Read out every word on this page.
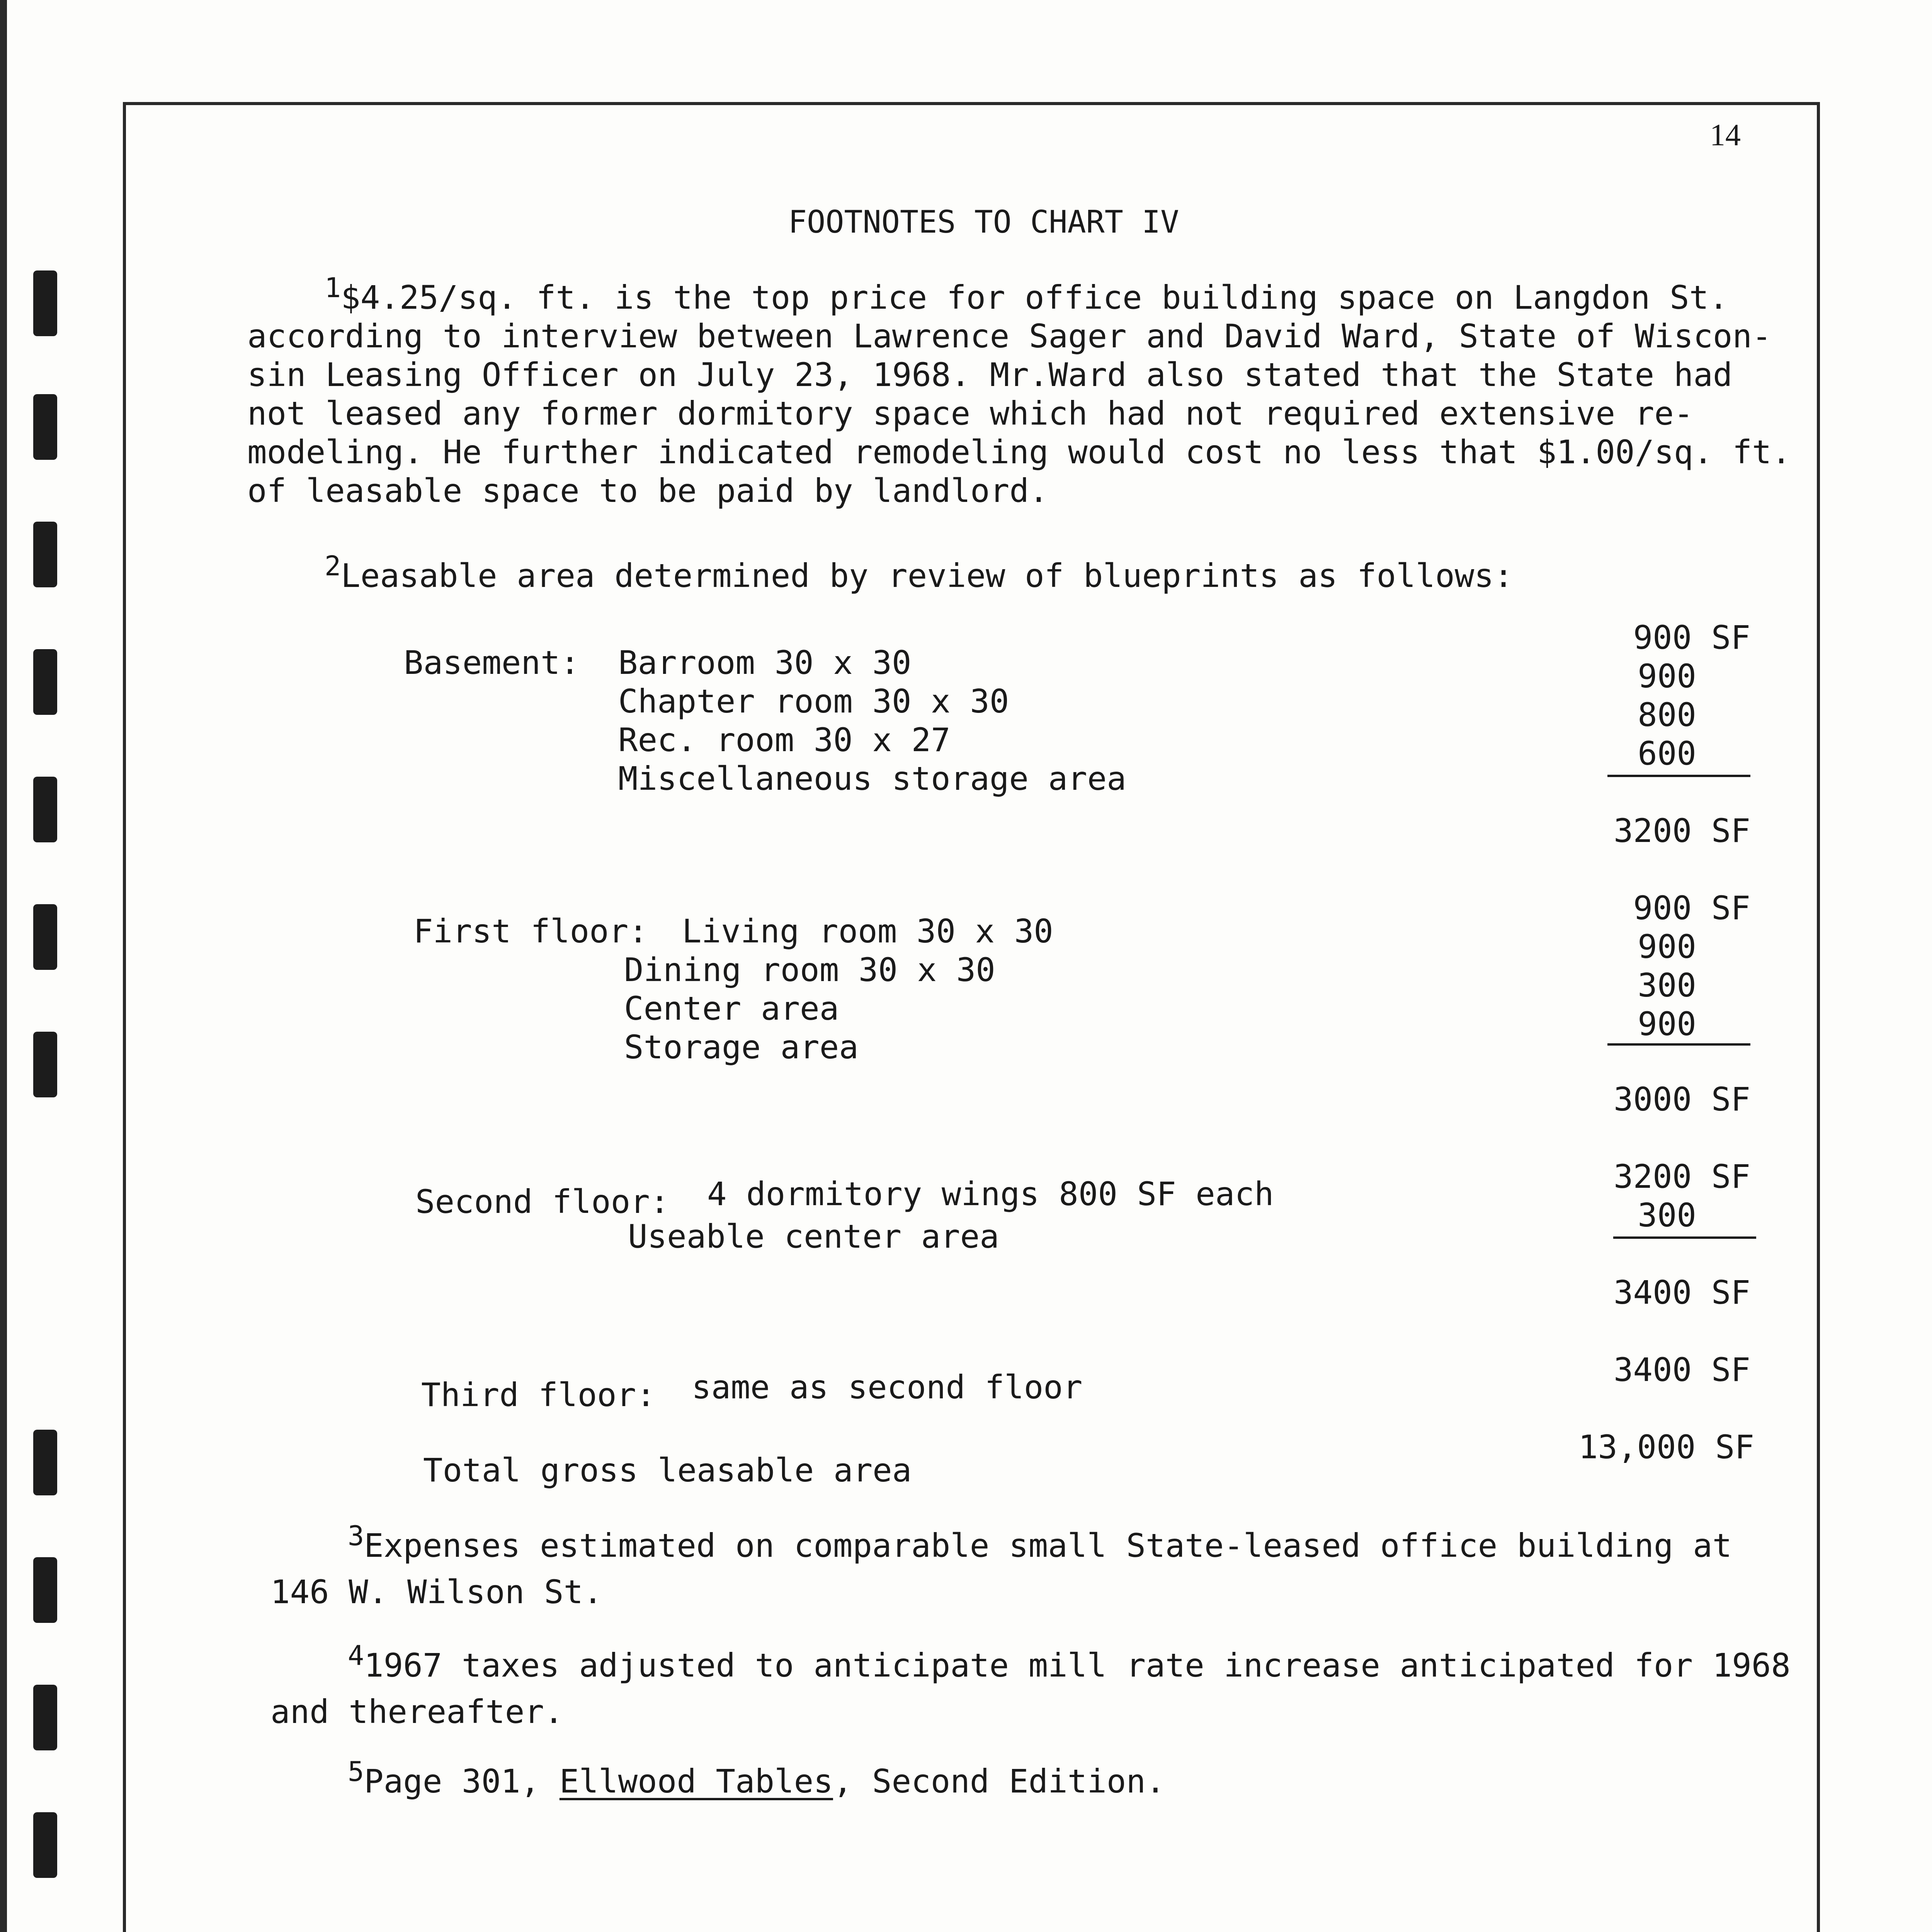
14
FOOTNOTES TO CHART IV
$^1$\$4.25/sq. ft. is the top price for office building space on Langdon St.
according to interview between Lawrence Sager and David Ward, State of Wiscon-
sin Leasing Officer on July 23, 1968. Mr.Ward also stated that the State had
not leased any former dormitory space which had not required extensive re-
modeling. He further indicated remodeling would cost no less that $1.00/sq. ft.
of leasable space to be paid by landlord.
$^2$Leasable area determined by review of blueprints as follows:
Basement: Barroom 30 x 30
Chapter room 30 x 30
Rec. room 30 x 27
Miscellaneous storage area
900 SF
900
800
600
3200 SF
First floor: Living room 30 x 30
Dining room 30 x 30
Center area
Storage area
900 SF
900
300
900
3000 SF
Second floor: 4 dormitory wings 800 SF each
Useable center area
3200 SF
300
3400 SF
Third floor: same as second floor	3400 SF
Total gross leasable area
13,000 SF
$^3$Expenses estimated on comparable small State-leased office building at
146 W. Wilson St.
$^4$1967 taxes adjusted to anticipate mill rate increase anticipated for 1968
and thereafter.
$^5$Page 301, Ellwood Tables, Second Edition.
